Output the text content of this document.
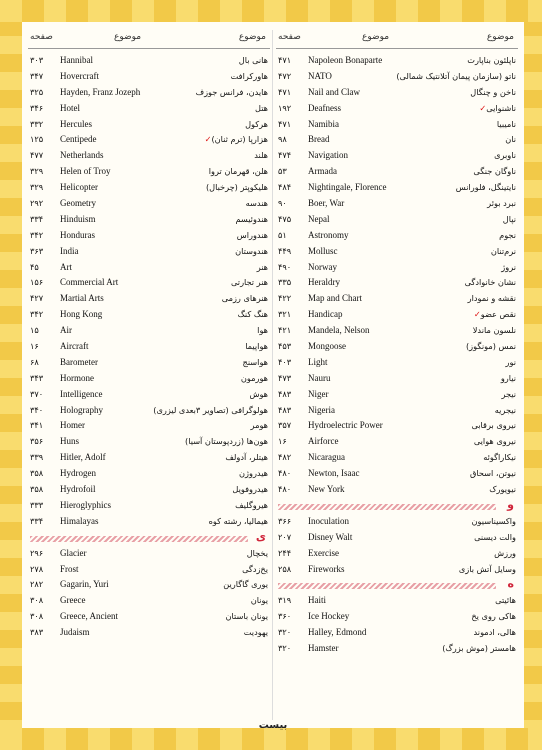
صفحه	موضوع	موضوع
۳۰۳	Hannibal	هانی بال
۳۴۷	Hovercraft	هاورکرافت
۳۲۵	Hayden, Franz Jozeph	هایدن، فرانس جوزف
۳۴۶	Hotel	هتل
۳۳۲	Hercules	هرکول
۱۲۵	Centipede	هزارپا (ترم ثنان)✓
۴۷۷	Netherlands	هلند
۳۲۹	Helen of Troy	هلن، قهرمان تروا
۳۲۹	Helicopter	هلیکوپتر (چرخبال)
۲۹۲	Geometry	هندسه
۳۳۴	Hinduism	هندوئیسم
۳۴۲	Honduras	هندوراس
۳۶۳	India	هندوستان
۴۵	Art	هنر
۱۵۶	Commercial Art	هنر تجارتی
۴۲۷	Martial Arts	هنرهای رزمی
۳۴۲	Hong Kong	هنگ کنگ
۱۵	Air	هوا
۱۶	Aircraft	هواپیما
۶۸	Barometer	هواسنج
۳۴۳	Hormone	هورمون
۳۷۰	Intelligence	هوش
۳۴۰	Holography	هولوگرافی (تصاویر ۳بعدی لیزری)
۳۴۱	Homer	هومر
۳۵۶	Huns	هون‌ها (زردپوستان آسیا)
۳۳۹	Hitler, Adolf	هیتلر، آدولف
۳۵۸	Hydrogen	هیدروژن
۳۵۸	Hydrofoil	هیدروفویل
۳۳۳	Hieroglyphics	هیروگلیف
۳۳۴	Himalayas	هیمالیا، رشته کوه
ی
۲۹۶	Glacier	یخچال
۲۷۸	Frost	یخ‌زدگی
۲۸۲	Gagarin, Yuri	یوری گاگارین
۳۰۸	Greece	یونان
۳۰۸	Greece, Ancient	یونان باستان
۳۸۳	Judaism	یهودیت
صفحه	موضوع	موضوع
۴۷۱	Napoleon Bonaparte	ناپلئون بناپارت
۴۷۲	NATO	ناتو (سازمان پیمان آتلانتیک شمالی)
۴۷۱	Nail and Claw	ناخن و چنگال
۱۹۲	Deafness	ناشنوایی✓
۴۷۱	Namibia	نامیبیا
۹۸	Bread	نان
۴۷۴	Navigation	ناوبری
۵۳	Armada	ناوگان جنگی
۴۸۴	Nightingale, Florence	نایتینگل، فلورانس
۹۰	Boer, War	نبرد بوئر
۴۷۵	Nepal	نپال
۵۱	Astronomy	نجوم
۴۴۹	Mollusc	نرم‌تنان
۴۹۰	Norway	نروژ
۳۳۵	Heraldry	نشان خانوادگی
۴۲۲	Map and Chart	نقشه و نمودار
۳۲۱	Handicap	نقص عضو✓
۴۲۱	Mandela, Nelson	نلسون ماندلا
۴۵۳	Mongoose	نمس (مونگوز)
۴۰۳	Light	نور
۴۷۳	Nauru	نیارو
۴۸۳	Niger	نیجر
۴۸۳	Nigeria	نیجریه
۳۵۷	Hydroelectric Power	نیروی برقابی
۱۶	Airforce	نیروی هوایی
۴۸۲	Nicaragua	نیکاراگوئه
۴۸۰	Newton, Isaac	نیوتن، اسحاق
۴۸۰	New York	نیویورک
و
۳۶۶	Inoculation	واکسیناسیون
۲۰۷	Disney Walt	والت دیسنی
۲۴۴	Exercise	ورزش
۲۵۸	Fireworks	وسایل آتش بازی
ه
۳۱۹	Haiti	هائیتی
۳۶۰	Ice Hockey	هاکی روی یخ
۳۲۰	Halley, Edmond	هالی، ادموند
۳۲۰	Hamster	هامستر (موش بزرگ)
بیست
